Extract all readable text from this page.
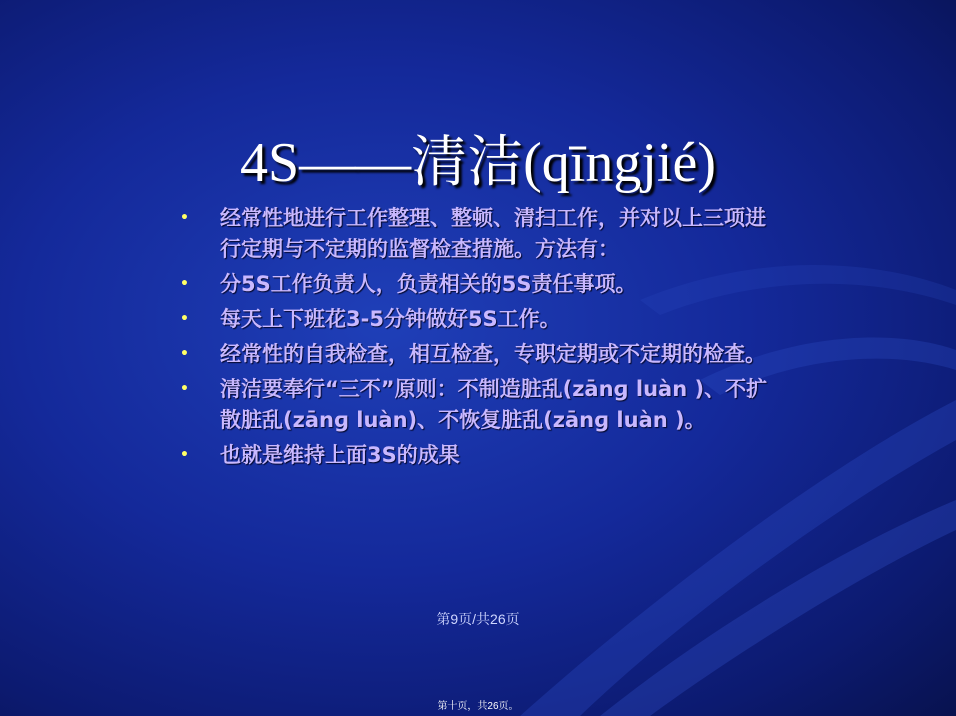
4S——清洁(qīngjié)
• 经常性地进行工作整理、整顿、清扫工作，并对以上三项进行定期与不定期的监督检查措施。方法有：
• 分5S工作负责人，负责相关的5S责任事项。
• 每天上下班花3-5分钟做好5S工作。
• 经常性的自我检查，相互检查，专职定期或不定期的检查。
• 清洁要奉行“三不”原则：不制造脏乱(zānɡ luàn )、不扩散脏乱(zānɡ luàn)、不恢复脏乱(zānɡ luàn )。
• 也就是维持上面3S的成果
第9页/共26页
第十页，共26页。
